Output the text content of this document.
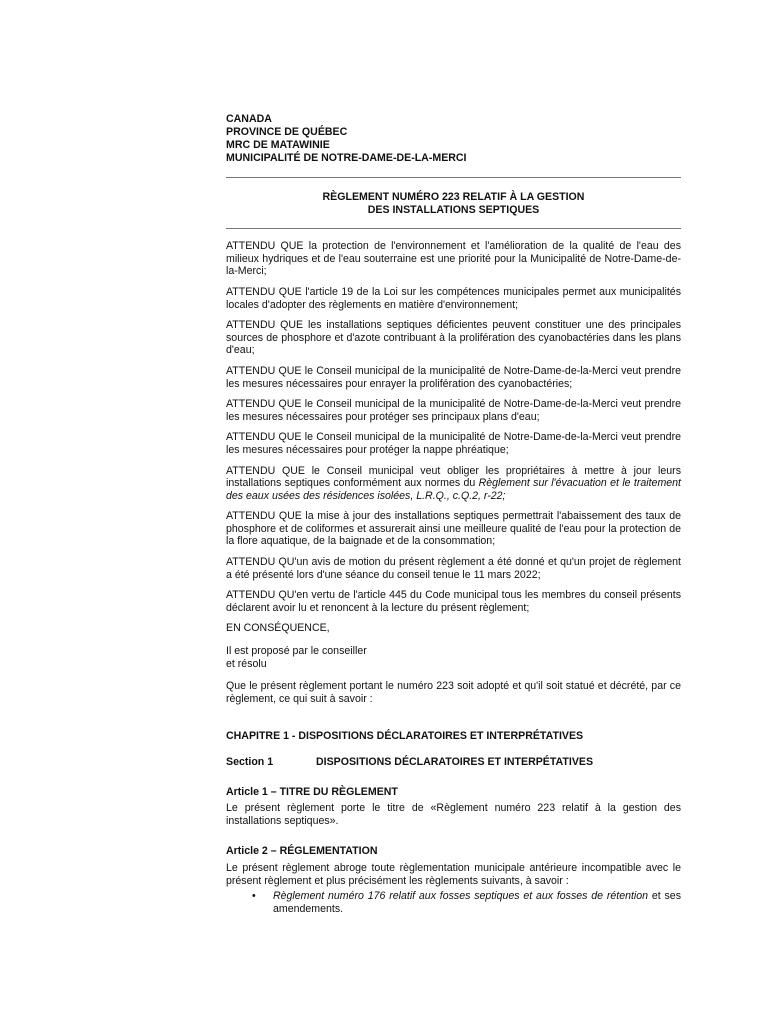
CANADA
PROVINCE DE QUÉBEC
MRC DE MATAWINIE
MUNICIPALITÉ DE NOTRE-DAME-DE-LA-MERCI
RÈGLEMENT NUMÉRO 223 RELATIF À LA GESTION
DES INSTALLATIONS SEPTIQUES

ATTENDU QUE la protection de l'environnement et l'amélioration de la qualité de l'eau des milieux hydriques et de l'eau souterraine est une priorité pour la Municipalité de Notre-Dame-de-la-Merci;

ATTENDU QUE l'article 19 de la Loi sur les compétences municipales permet aux municipalités locales d'adopter des règlements en matière d'environnement;

ATTENDU QUE les installations septiques déficientes peuvent constituer une des principales sources de phosphore et d'azote contribuant à la prolifération des cyanobactéries dans les plans d'eau;

ATTENDU QUE le Conseil municipal de la municipalité de Notre-Dame-de-la-Merci veut prendre les mesures nécessaires pour enrayer la prolifération des cyanobactéries;

ATTENDU QUE le Conseil municipal de la municipalité de Notre-Dame-de-la-Merci veut prendre les mesures nécessaires pour protéger ses principaux plans d'eau;

ATTENDU QUE le Conseil municipal de la municipalité de Notre-Dame-de-la-Merci veut prendre les mesures nécessaires pour protéger la nappe phréatique;

ATTENDU QUE le Conseil municipal veut obliger les propriétaires à mettre à jour leurs installations septiques conformément aux normes du Règlement sur l'évacuation et le traitement des eaux usées des résidences isolées, L.R.Q., c.Q.2, r-22;

ATTENDU QUE la mise à jour des installations septiques permettrait l'abaissement des taux de phosphore et de coliformes et assurerait ainsi une meilleure qualité de l'eau pour la protection de la flore aquatique, de la baignade et de la consommation;

ATTENDU QU'un avis de motion du présent règlement a été donné et qu'un projet de règlement a été présenté lors d'une séance du conseil tenue le 11 mars 2022;

ATTENDU QU'en vertu de l'article 445 du Code municipal tous les membres du conseil présents déclarent avoir lu et renoncent à la lecture du présent règlement;

EN CONSÉQUENCE,

Il est proposé par le conseiller
et résolu

Que le présent règlement portant le numéro 223 soit adopté et qu'il soit statué et décrété, par ce règlement, ce qui suit à savoir :

CHAPITRE 1 - DISPOSITIONS DÉCLARATOIRES ET INTERPRÉTATIVES
Section 1	DISPOSITIONS DÉCLARATOIRES ET INTERPÉTATIVES
Article 1 – TITRE DU RÈGLEMENT

Le présent règlement porte le titre de «Règlement numéro 223 relatif à la gestion des installations septiques».

Article 2 – RÉGLEMENTATION

Le présent règlement abroge toute règlementation municipale antérieure incompatible avec le présent règlement et plus précisément les règlements suivants, à savoir :

• Règlement numéro 176 relatif aux fosses septiques et aux fosses de rétention et ses amendements.
